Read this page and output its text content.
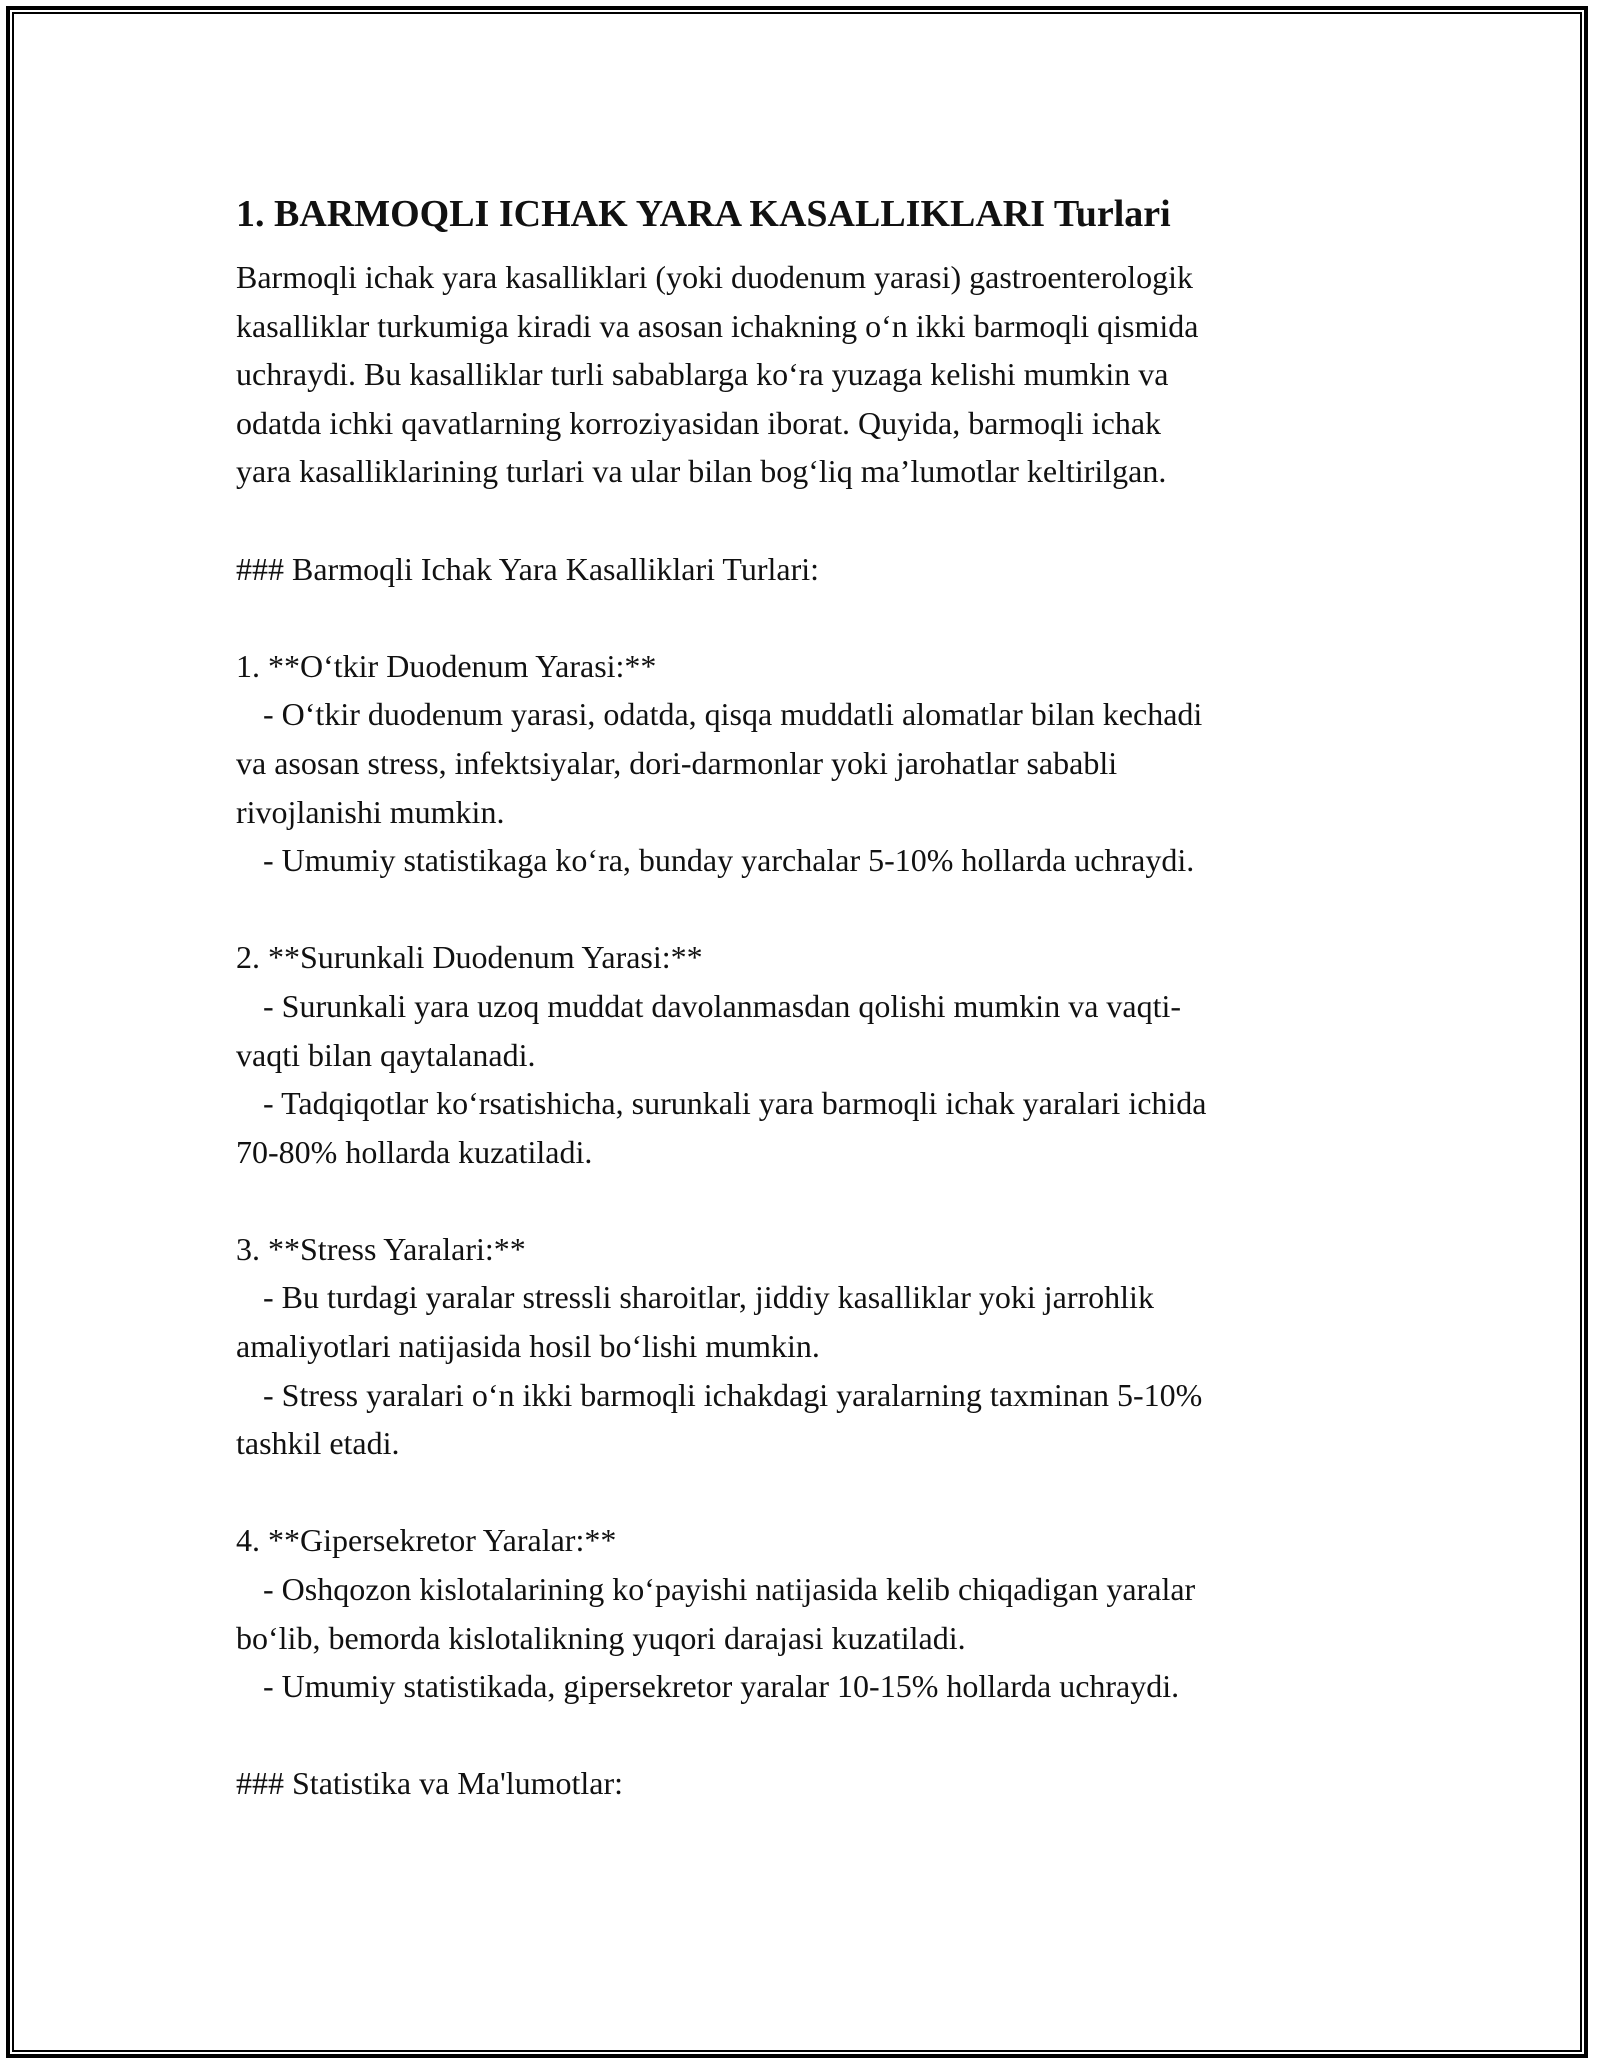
1. BARMOQLI ICHAK YARA KASALLIKLARI Turlari
Barmoqli ichak yara kasalliklari (yoki duodenum yarasi) gastroenterologik
kasalliklar turkumiga kiradi va asosan ichakning o‘n ikki barmoqli qismida
uchraydi. Bu kasalliklar turli sabablarga ko‘ra yuzaga kelishi mumkin va
odatda ichki qavatlarning korroziyasidan iborat. Quyida, barmoqli ichak
yara kasalliklarining turlari va ular bilan bog‘liq ma’lumotlar keltirilgan.
### Barmoqli Ichak Yara Kasalliklari Turlari:
1. **O‘tkir Duodenum Yarasi:**
- O‘tkir duodenum yarasi, odatda, qisqa muddatli alomatlar bilan kechadi
va asosan stress, infektsiyalar, dori-darmonlar yoki jarohatlar sababli
rivojlanishi mumkin.
- Umumiy statistikaga ko‘ra, bunday yarchalar 5-10% hollarda uchraydi.
2. **Surunkali Duodenum Yarasi:**
- Surunkali yara uzoq muddat davolanmasdan qolishi mumkin va vaqti-
vaqti bilan qaytalanadi.
- Tadqiqotlar ko‘rsatishicha, surunkali yara barmoqli ichak yaralari ichida
70-80% hollarda kuzatiladi.
3. **Stress Yaralari:**
- Bu turdagi yaralar stressli sharoitlar, jiddiy kasalliklar yoki jarrohlik
amaliyotlari natijasida hosil bo‘lishi mumkin.
- Stress yaralari o‘n ikki barmoqli ichakdagi yaralarning taxminan 5-10%
tashkil etadi.
4. **Gipersekretor Yaralar:**
- Oshqozon kislotalarining ko‘payishi natijasida kelib chiqadigan yaralar
bo‘lib, bemorda kislotalikning yuqori darajasi kuzatiladi.
- Umumiy statistikada, gipersekretor yaralar 10-15% hollarda uchraydi.
### Statistika va Ma'lumotlar:
